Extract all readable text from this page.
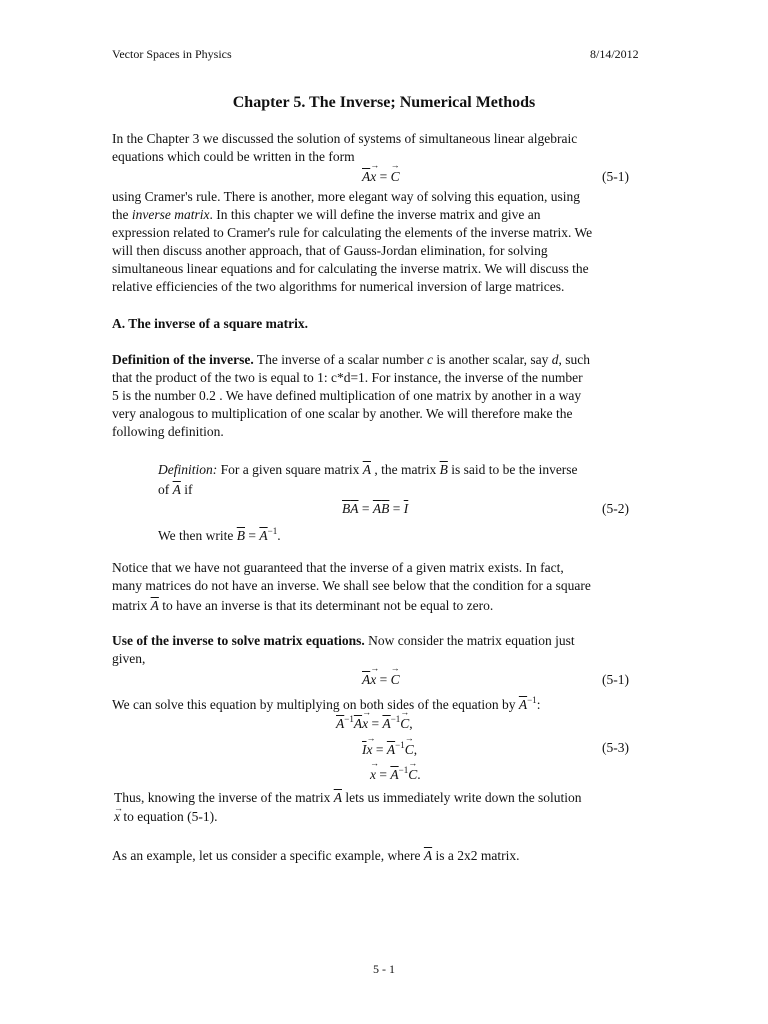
Vector Spaces in Physics	8/14/2012
Chapter 5. The Inverse; Numerical Methods
In the Chapter 3 we discussed the solution of systems of simultaneous linear algebraic
equations which could be written in the form
$\overline{A}\to x$ = → C	(5-1)
using Cramer's rule. There is another, more elegant way of solving this equation, using
the inverse matrix. In this chapter we will define the inverse matrix and give an
expression related to Cramer's rule for calculating the elements of the inverse matrix. We
will then discuss another approach, that of Gauss-Jordan elimination, for solving
simultaneous linear equations and for calculating the inverse matrix. We will discuss the
relative efficiencies of the two algorithms for numerical inversion of large matrices.
A. The inverse of a square matrix.
Definition of the inverse. The inverse of a scalar number c is another scalar, say d, such
that the product of the two is equal to 1: c*d=1. For instance, the inverse of the number
5 is the number 0.2 . We have defined multiplication of one matrix by another in a way
very analogous to multiplication of one scalar by another. We will therefore make the
following definition.
Definition: For a given square matrix $\overline{A}$ , the matrix $\overline{B}$ is said to be the inverse
of $\overline{A}$ if
$\overline{B}\overline{A} = \overline{A}\overline{B} = \overline{I}$	(5-2)
We then write $\overline{B} = \overline{A}^{-1}$.
Notice that we have not guaranteed that the inverse of a given matrix exists. In fact,
many matrices do not have an inverse. We shall see below that the condition for a square
matrix $\overline{A}$ to have an inverse is that its determinant not be equal to zero.
Use of the inverse to solve matrix equations. Now consider the matrix equation just
given,
$\overline{A}\to x$ = → C	(5-1)
We can solve this equation by multiplying on both sides of the equation by $\overline{A}^{-1}$:
$\overline{A}^{-1}\overline{A}\to x = \overline{A}^{-1}\to C$,
$\overline{I}\to x = \overline{A}^{-1}\to C$,	(5-3)
→ $x = \overline{A}^{-1}\to C$.
Thus, knowing the inverse of the matrix $\overline{A}$ lets us immediately write down the solution
→ x to equation (5-1).
As an example, let us consider a specific example, where $\overline{A}$ is a 2x2 matrix.
5 - 1
